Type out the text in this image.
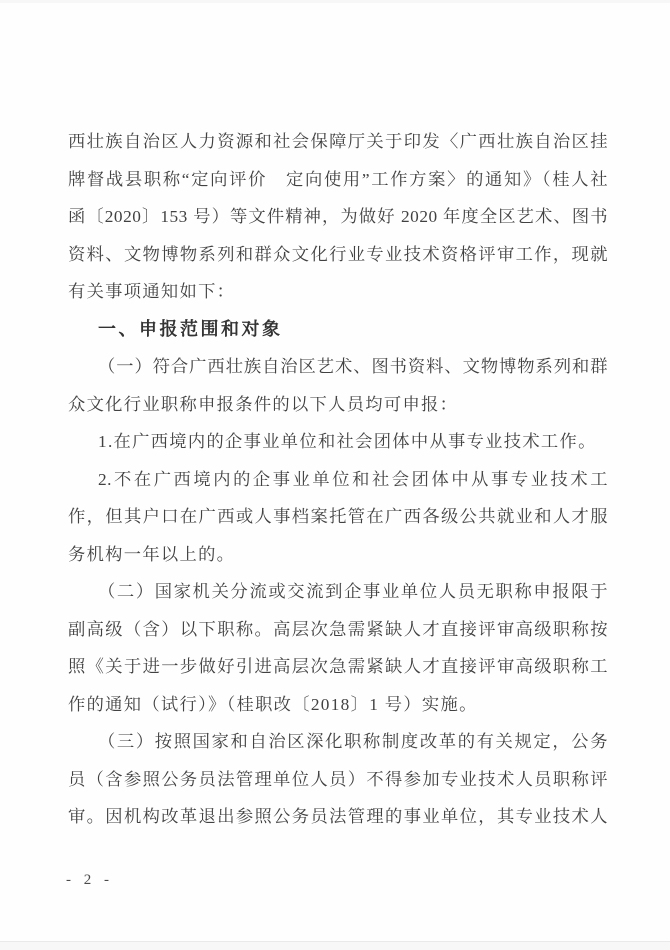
西壮族自治区人力资源和社会保障厅关于印发〈广西壮族自治区挂
牌督战县职称“定向评价　定向使用”工作方案〉的通知》（桂人社
函〔2020〕153 号）等文件精神，为做好 2020 年度全区艺术、图书
资料、文物博物系列和群众文化行业专业技术资格评审工作，现就
有关事项通知如下：
一、申报范围和对象
（一）符合广西壮族自治区艺术、图书资料、文物博物系列和群
众文化行业职称申报条件的以下人员均可申报：
1.在广西境内的企事业单位和社会团体中从事专业技术工作。
2.不在广西境内的企事业单位和社会团体中从事专业技术工
作，但其户口在广西或人事档案托管在广西各级公共就业和人才服
务机构一年以上的。
（二）国家机关分流或交流到企事业单位人员无职称申报限于
副高级（含）以下职称。高层次急需紧缺人才直接评审高级职称按
照《关于进一步做好引进高层次急需紧缺人才直接评审高级职称工
作的通知（试行）》（桂职改〔2018〕1 号）实施。
（三）按照国家和自治区深化职称制度改革的有关规定，公务
员（含参照公务员法管理单位人员）不得参加专业技术人员职称评
审。因机构改革退出参照公务员法管理的事业单位，其专业技术人
- 2 -
